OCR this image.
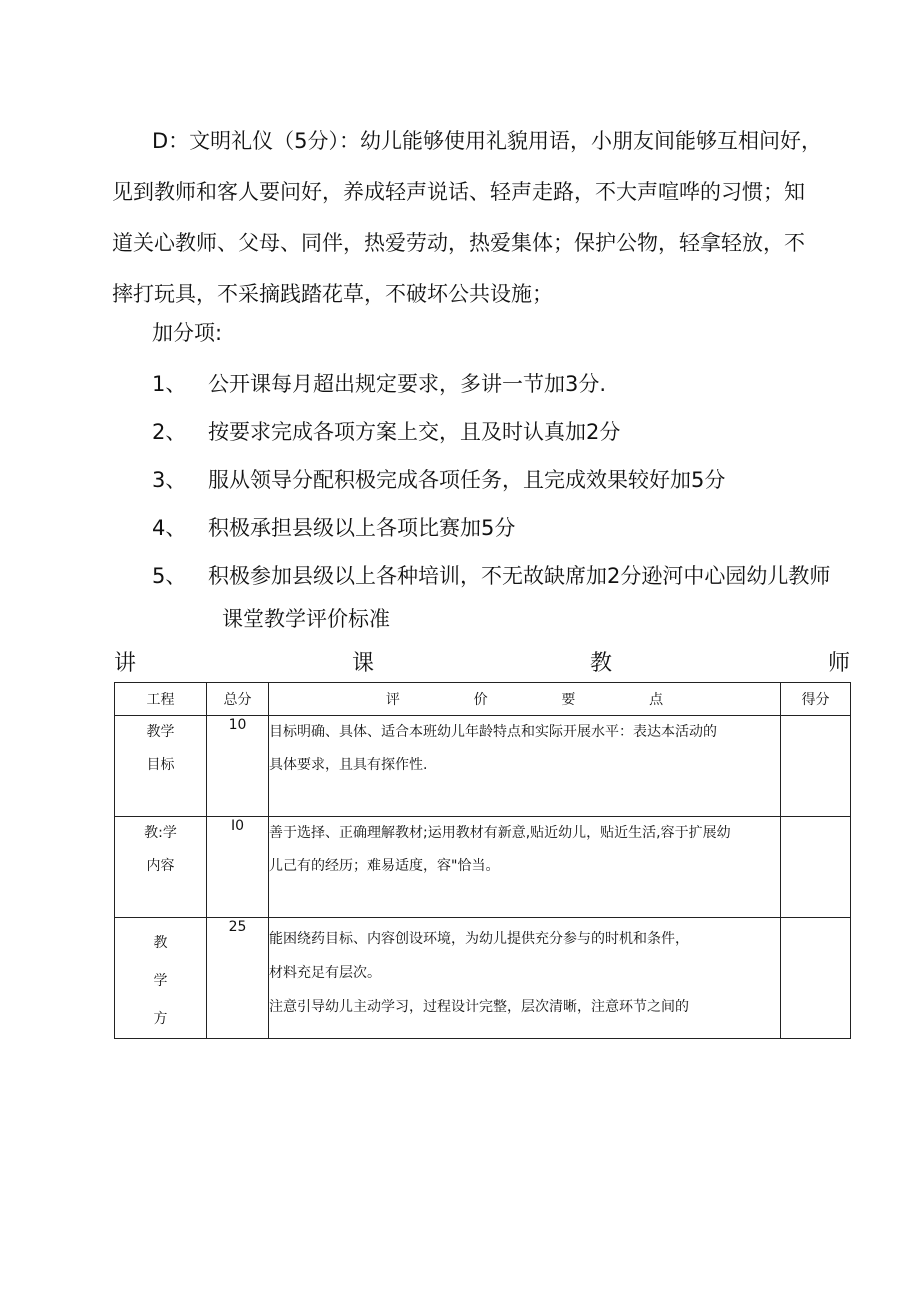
D：文明礼仪（5分）：幼儿能够使用礼貌用语，小朋友间能够互相问好，
见到教师和客人要问好，养成轻声说话、轻声走路，不大声喧哗的习惯；知
道关心教师、父母、同伴，热爱劳动，热爱集体；保护公物，轻拿轻放，不
摔打玩具，不采摘践踏花草，不破坏公共设施；
加分项:
1、 公开课每月超出规定要求，多讲一节加3分.
2、 按要求完成各项方案上交，且及时认真加2分
3、 服从领导分配积极完成各项任务，且完成效果较好加5分
4、 积极承担县级以上各项比赛加5分
5、 积极参加县级以上各种培训，不无故缺席加2分逊河中心园幼儿教师
课堂教学评价标准
讲	课	教	师
工程	总分	评 价 要 点	得分

教学
目标	10	目标明确、具体、适合本班幼儿年龄特点和实际开展水平：表达本活动的
具体要求，且具有探作性.	

教:学
内容	I0	善于选择、正确理解教材;运用教材有新意,贴近幼儿，贴近生活,容于扩展幼
儿己有的经历；难易适度，容"恰当。	

教
学
方	25	能困绕药目标、内容创设环境，为幼儿提供充分参与的时机和条件，
材料充足有层次。
注意引导幼儿主动学习，过程设计完整，层次清晰，注意环节之间的	
